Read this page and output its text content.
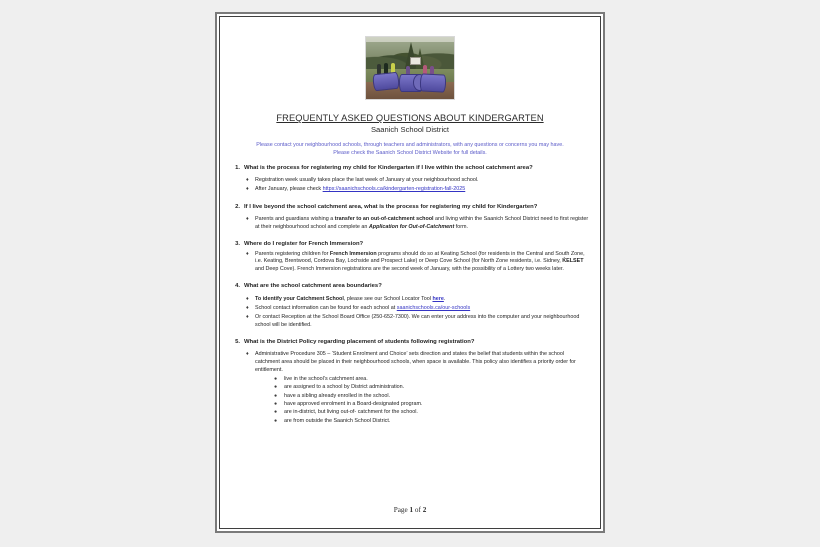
FREQUENTLY ASKED QUESTIONS ABOUT KINDERGARTEN
Saanich School District
Please contact your neighbourhood schools, through teachers and administrators, with any questions or concerns you may have.
Please check the Saanich School District Website for full details.
1. What is the process for registering my child for Kindergarten if I live within the school catchment area?
♦	Registration week usually takes place the last week of January at your neighbourhood school.
♦	After January, please check https://saanichschools.ca/kindergarten-registration-fall-2025
2. If I live beyond the school catchment area, what is the process for registering my child for Kindergarten?
♦	Parents and guardians wishing a transfer to an out-of-catchment school and living within the Saanich School District need to first register at their neighbourhood school and complete an Application for Out-of-Catchment form.
3. Where do I register for French Immersion?
♦	Parents registering children for French Immersion programs should do so at Keating School (for residents in the Central and South Zone, i.e. Keating, Brentwood, Cordova Bay, Lochside and Prospect Lake) or Deep Cove School (for North Zone residents, i.e. Sidney, ḰELSET and Deep Cove). French Immersion registrations are the second week of January, with the possibility of a Lottery two weeks later.
4. What are the school catchment area boundaries?
♦	To identify your Catchment School, please see our School Locator Tool here.
♦	School contact information can be found for each school at saanichschools.ca/our-schools
♦	Or contact Reception at the School Board Office (250-652-7300). We can enter your address into the computer and your neighbourhood school will be identified.
5. What is the District Policy regarding placement of students following registration?
♦	Administrative Procedure 305 – ‘Student Enrolment and Choice’ sets direction and states the belief that students within the school catchment area should be placed in their neighbourhood schools, when space is available. This policy also identifies a priority order for entitlement.
●	live in the school’s catchment area.
●	are assigned to a school by District administration.
●	have a sibling already enrolled in the school.
●	have approved enrolment in a Board-designated program.
●	are in-district, but living out-of- catchment for the school.
●	are from outside the Saanich School District.
Page 1 of 2
